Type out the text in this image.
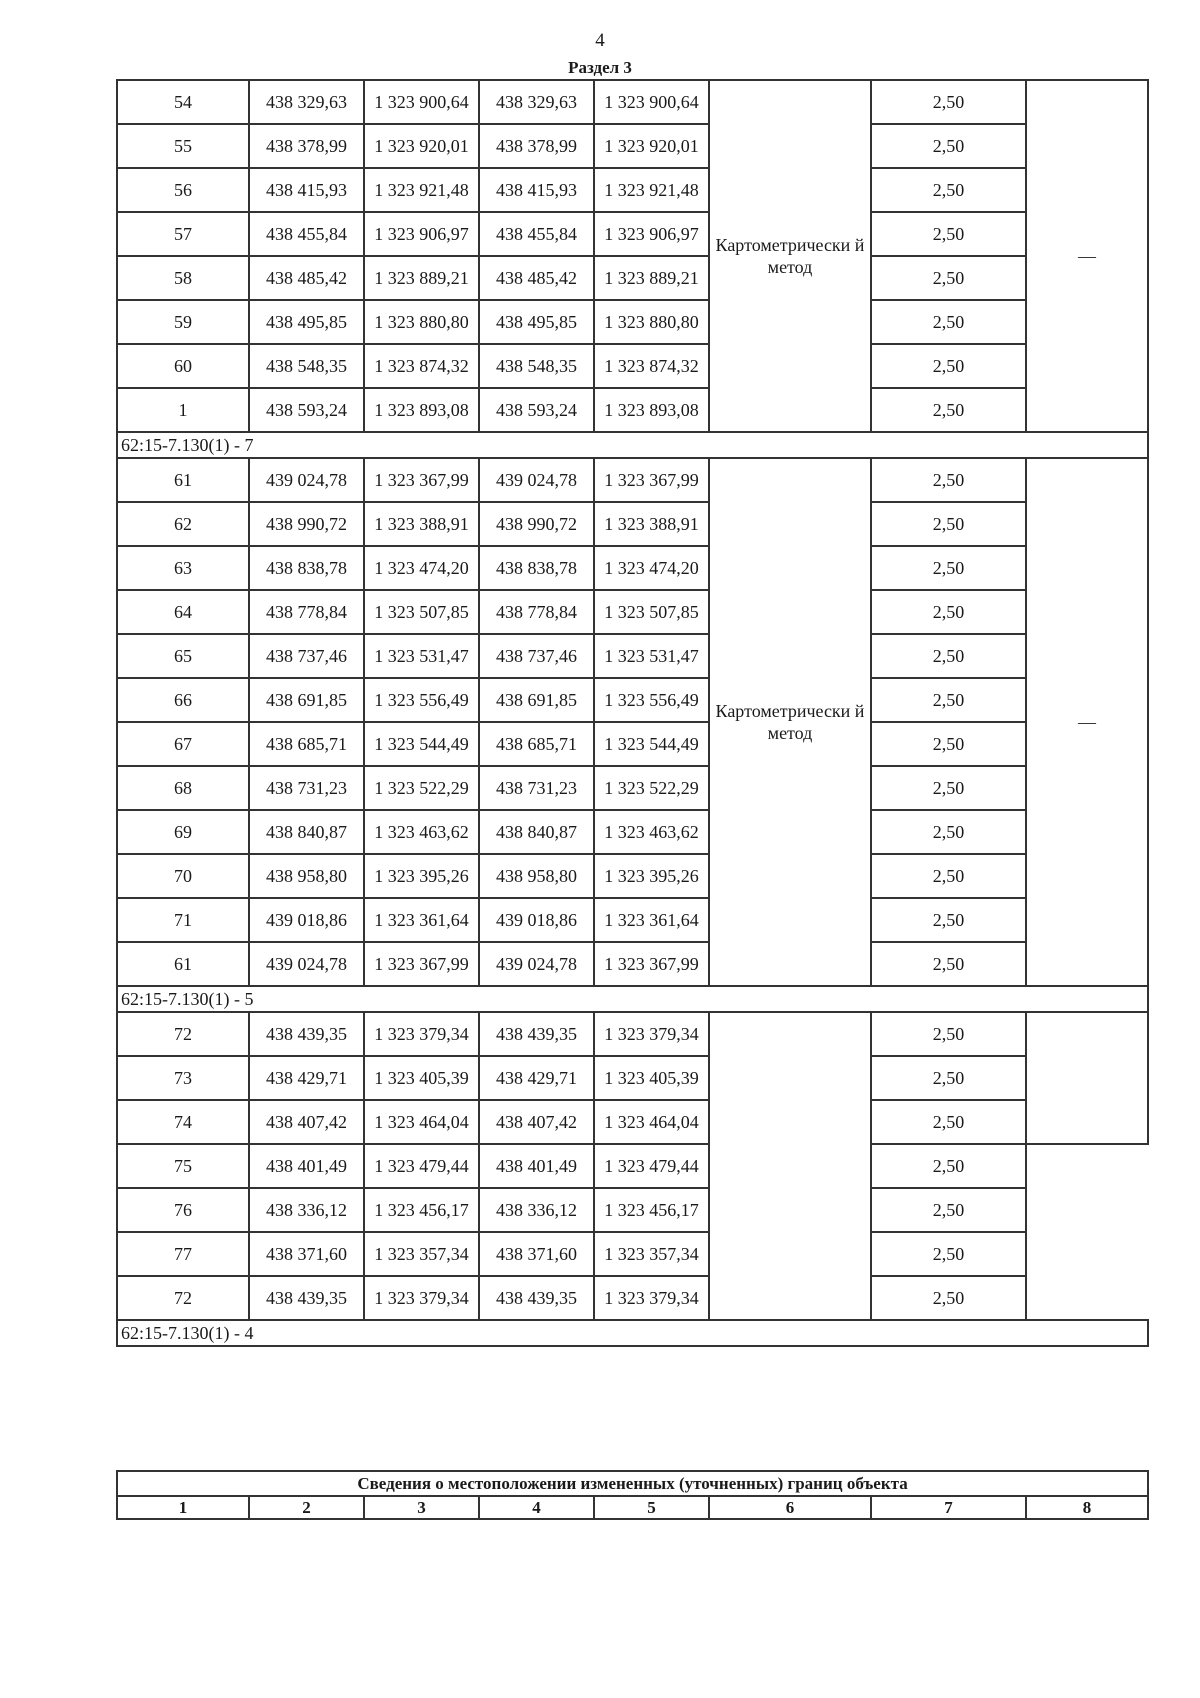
4
Раздел 3
54	438 329,63	1 323 900,64	438 329,63	1 323 900,64	Картометрически й метод	2,50	—
55	438 378,99	1 323 920,01	438 378,99	1 323 920,01		2,50	
56	438 415,93	1 323 921,48	438 415,93	1 323 921,48		2,50	
57	438 455,84	1 323 906,97	438 455,84	1 323 906,97		2,50	
58	438 485,42	1 323 889,21	438 485,42	1 323 889,21		2,50	
59	438 495,85	1 323 880,80	438 495,85	1 323 880,80		2,50	
60	438 548,35	1 323 874,32	438 548,35	1 323 874,32		2,50	
1	438 593,24	1 323 893,08	438 593,24	1 323 893,08		2,50	
62:15-7.130(1) - 7							
61	439 024,78	1 323 367,99	439 024,78	1 323 367,99	Картометрически й метод	2,50	—
62	438 990,72	1 323 388,91	438 990,72	1 323 388,91		2,50	
63	438 838,78	1 323 474,20	438 838,78	1 323 474,20		2,50	
64	438 778,84	1 323 507,85	438 778,84	1 323 507,85		2,50	
65	438 737,46	1 323 531,47	438 737,46	1 323 531,47		2,50	
66	438 691,85	1 323 556,49	438 691,85	1 323 556,49		2,50	
67	438 685,71	1 323 544,49	438 685,71	1 323 544,49		2,50	
68	438 731,23	1 323 522,29	438 731,23	1 323 522,29		2,50	
69	438 840,87	1 323 463,62	438 840,87	1 323 463,62		2,50	
70	438 958,80	1 323 395,26	438 958,80	1 323 395,26		2,50	
71	439 018,86	1 323 361,64	439 018,86	1 323 361,64		2,50	
61	439 024,78	1 323 367,99	439 024,78	1 323 367,99		2,50	
62:15-7.130(1) - 5							
72	438 439,35	1 323 379,34	438 439,35	1 323 379,34		2,50	
73	438 429,71	1 323 405,39	438 429,71	1 323 405,39		2,50	
74	438 407,42	1 323 464,04	438 407,42	1 323 464,04		2,50	
75	438 401,49	1 323 479,44	438 401,49	1 323 479,44		2,50	
76	438 336,12	1 323 456,17	438 336,12	1 323 456,17		2,50	
77	438 371,60	1 323 357,34	438 371,60	1 323 357,34		2,50	
72	438 439,35	1 323 379,34	438 439,35	1 323 379,34		2,50	
62:15-7.130(1) - 4							
Сведения о местоположении измененных (уточненных) границ объекта
1	2	3	4	5	6	7	8
